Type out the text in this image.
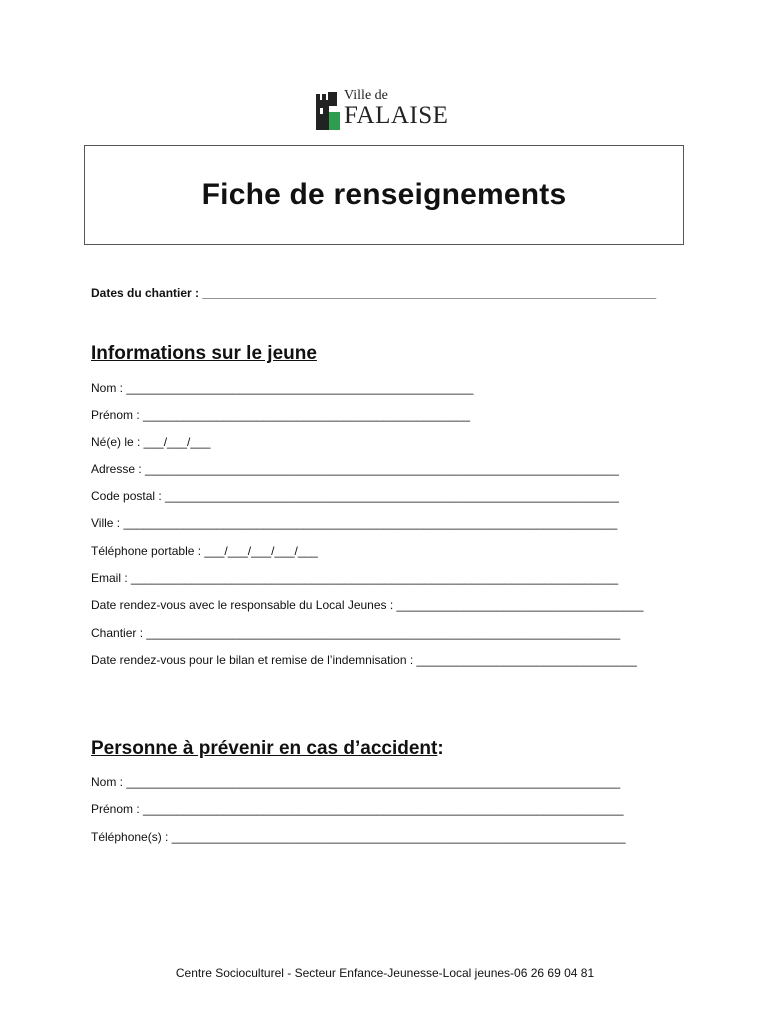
Ville de
FALAISE
Fiche de renseignements
Dates du chantier : ____________________________________________________________________
Informations sur le jeune
Nom : ____________________________________________________
Prénom : _________________________________________________
Né(e) le : ___/___/___
Adresse : _______________________________________________________________________
Code postal : ____________________________________________________________________
Ville : __________________________________________________________________________
Téléphone portable : ___/___/___/___/___
Email : _________________________________________________________________________
Date rendez-vous avec le responsable du Local Jeunes : _____________________________________
Chantier : _______________________________________________________________________
Date rendez-vous pour le bilan et remise de l’indemnisation : _________________________________
Personne à prévenir en cas d’accident:
Nom : __________________________________________________________________________
Prénom : ________________________________________________________________________
Téléphone(s) : ____________________________________________________________________
Centre Socioculturel - Secteur Enfance-Jeunesse-Local jeunes-06 26 69 04 81
